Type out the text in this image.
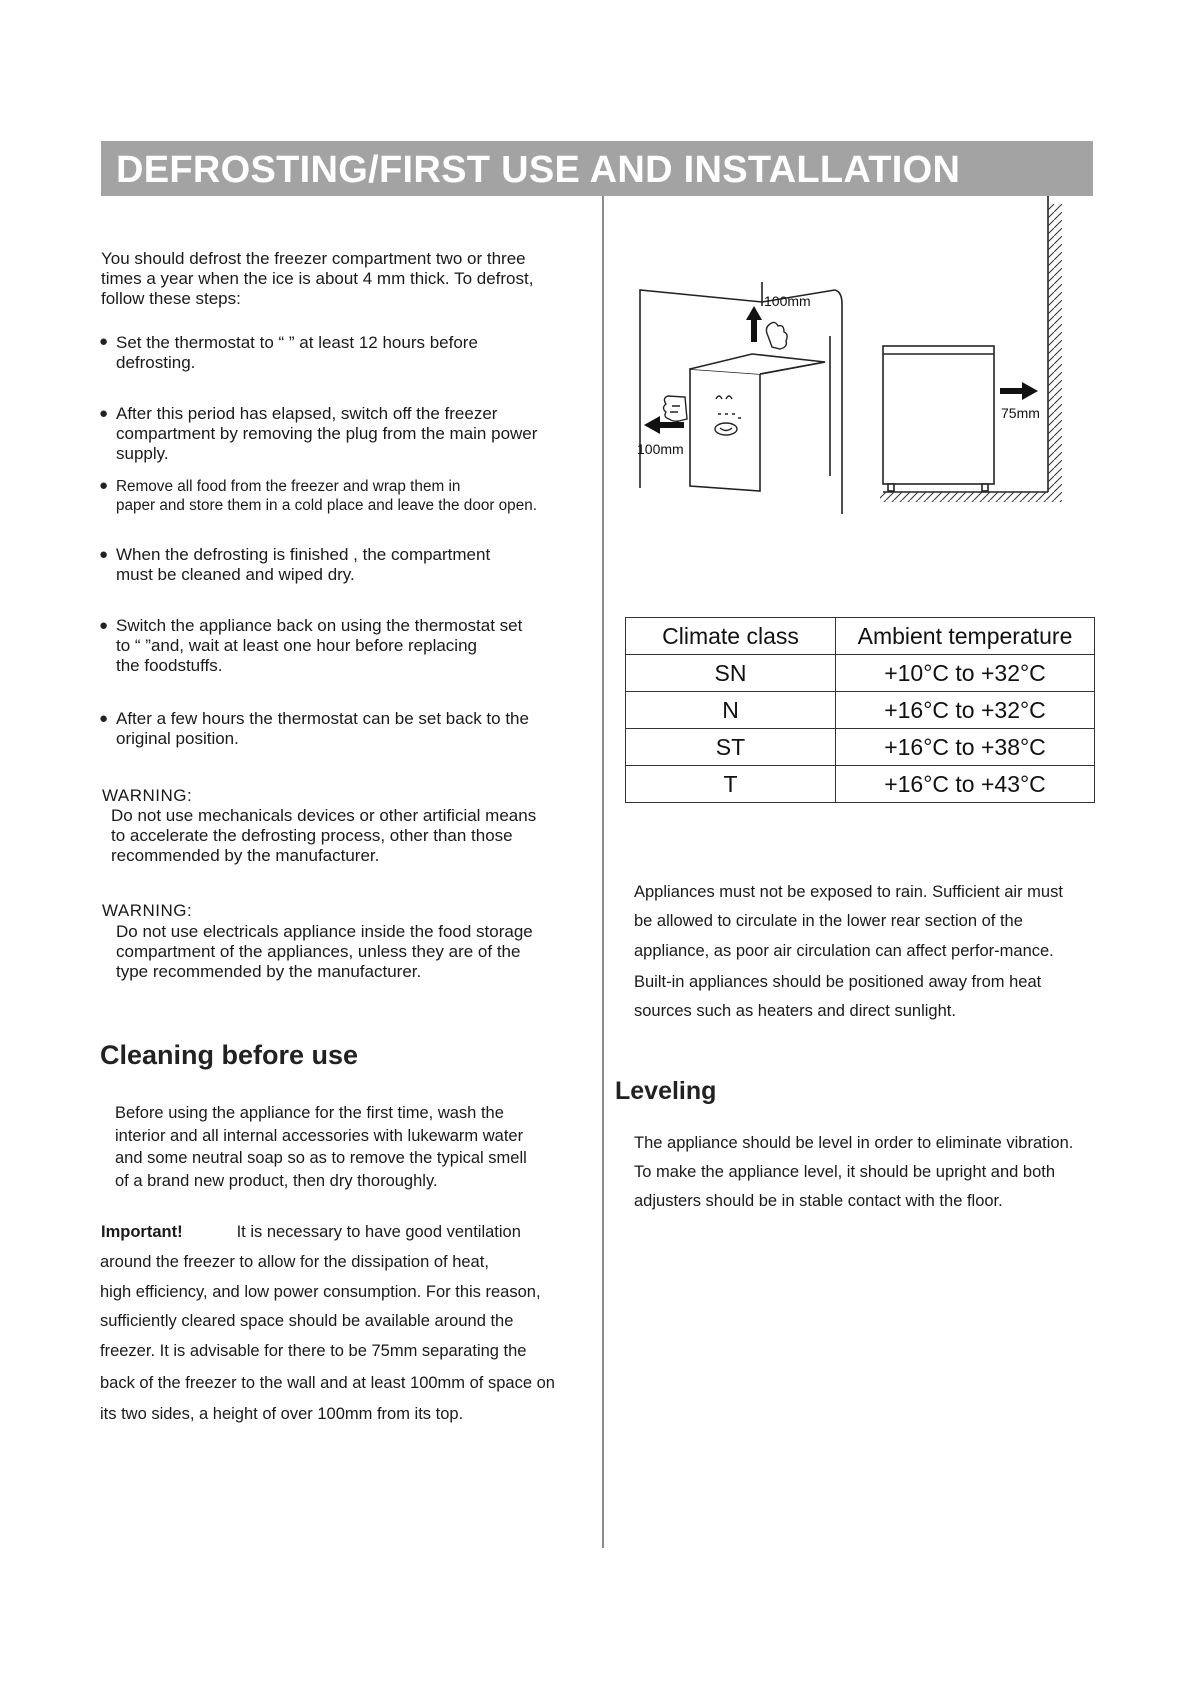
DEFROSTING/FIRST USE AND INSTALLATION
You should defrost the freezer compartment two or three
times a year when the ice is about 4 mm thick. To defrost,
follow these steps:
● Set the thermostat to “ ” at least 12 hours before
defrosting.
● After this period has elapsed, switch off the freezer
compartment by removing the plug from the main power
supply.
● Remove all food from the freezer and wrap them in
paper and store them in a cold place and leave the door open.
● When the defrosting is finished , the compartment
must be cleaned and wiped dry.
● Switch the appliance back on using the thermostat set
to “ ”and, wait at least one hour before replacing
the foodstuffs.
● After a few hours the thermostat can be set back to the
original position.
WARNING:
Do not use mechanicals devices or other artificial means
to accelerate the defrosting process, other than those
recommended by the manufacturer.
WARNING:
Do not use electricals appliance inside the food storage
compartment of the appliances, unless they are of the
type recommended by the manufacturer.
Cleaning before use
Before using the appliance for the first time, wash the
interior and all internal accessories with lukewarm water
and some neutral soap so as to remove the typical smell
of a brand new product, then dry thoroughly.
Important!	It is necessary to have good ventilation
around the freezer to allow for the dissipation of heat,
high efficiency, and low power consumption. For this reason,
sufficiently cleared space should be available around the
freezer. It is advisable for there to be 75mm separating the
back of the freezer to the wall and at least 100mm of space on
its two sides, a height of over 100mm from its top.
100mm
100mm
75mm
Climate class	Ambient temperature
SN	+10°C to +32°C
N	+16°C to +32°C
ST	+16°C to +38°C
T	+16°C to +43°C
Appliances must not be exposed to rain. Sufficient air must
be allowed to circulate in the lower rear section of the
appliance, as poor air circulation can affect perfor-mance.
Built-in appliances should be positioned away from heat
sources such as heaters and direct sunlight.
Leveling
The appliance should be level in order to eliminate vibration.
To make the appliance level, it should be upright and both
adjusters should be in stable contact with the floor.
